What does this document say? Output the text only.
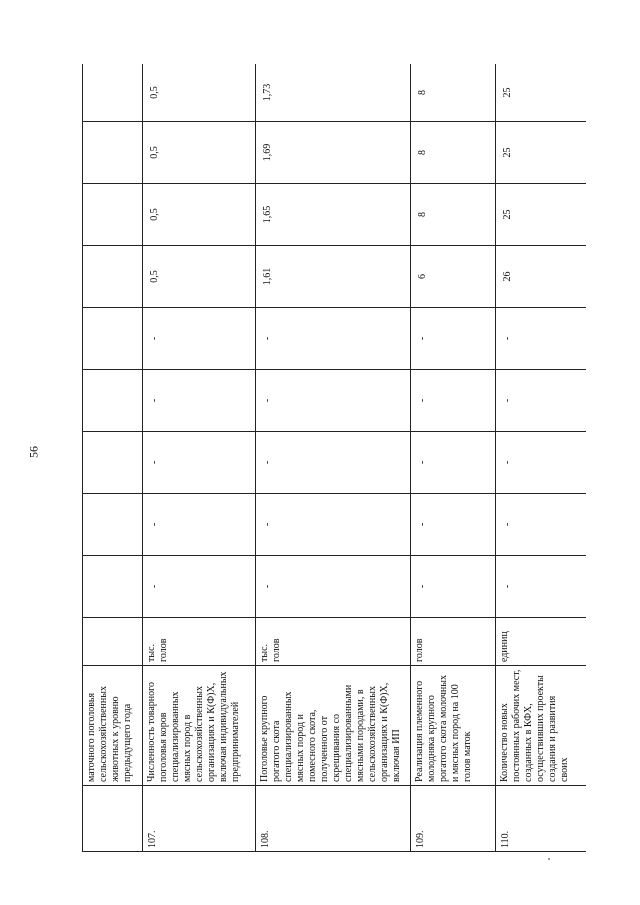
56
	маточного поголовья сельскохозяйственных животных к уровню предыдущего года										
107.	Численность товарного поголовья коров специализированных мясных пород в сельскохозяйственных организациях и К(Ф)Х, включая индивидуальных предпринимателей	тыс. голов	-	-	-	-	-	0,5	0,5	0,5	0,5
108.	Поголовье крупного рогатого скота специализированных мясных пород и помесного скота, полученного от скрещивания со специализированными мясными породами, в сельскохозяйственных организациях и К(Ф)Х, включая ИП	тыс. голов	-	-	-	-	-	1,61	1,65	1,69	1,73
109.	Реализация племенного молодняка крупного рогатого скота молочных и мясных пород на 100 голов маток	голов	-	-	-	-	-	6	8	8	8
110.	Количество новых постоянных рабочих мест, созданных в КФХ, осуществивших проекты создания и развития своих	единиц	-	-	-	-	-	26	25	25	25
